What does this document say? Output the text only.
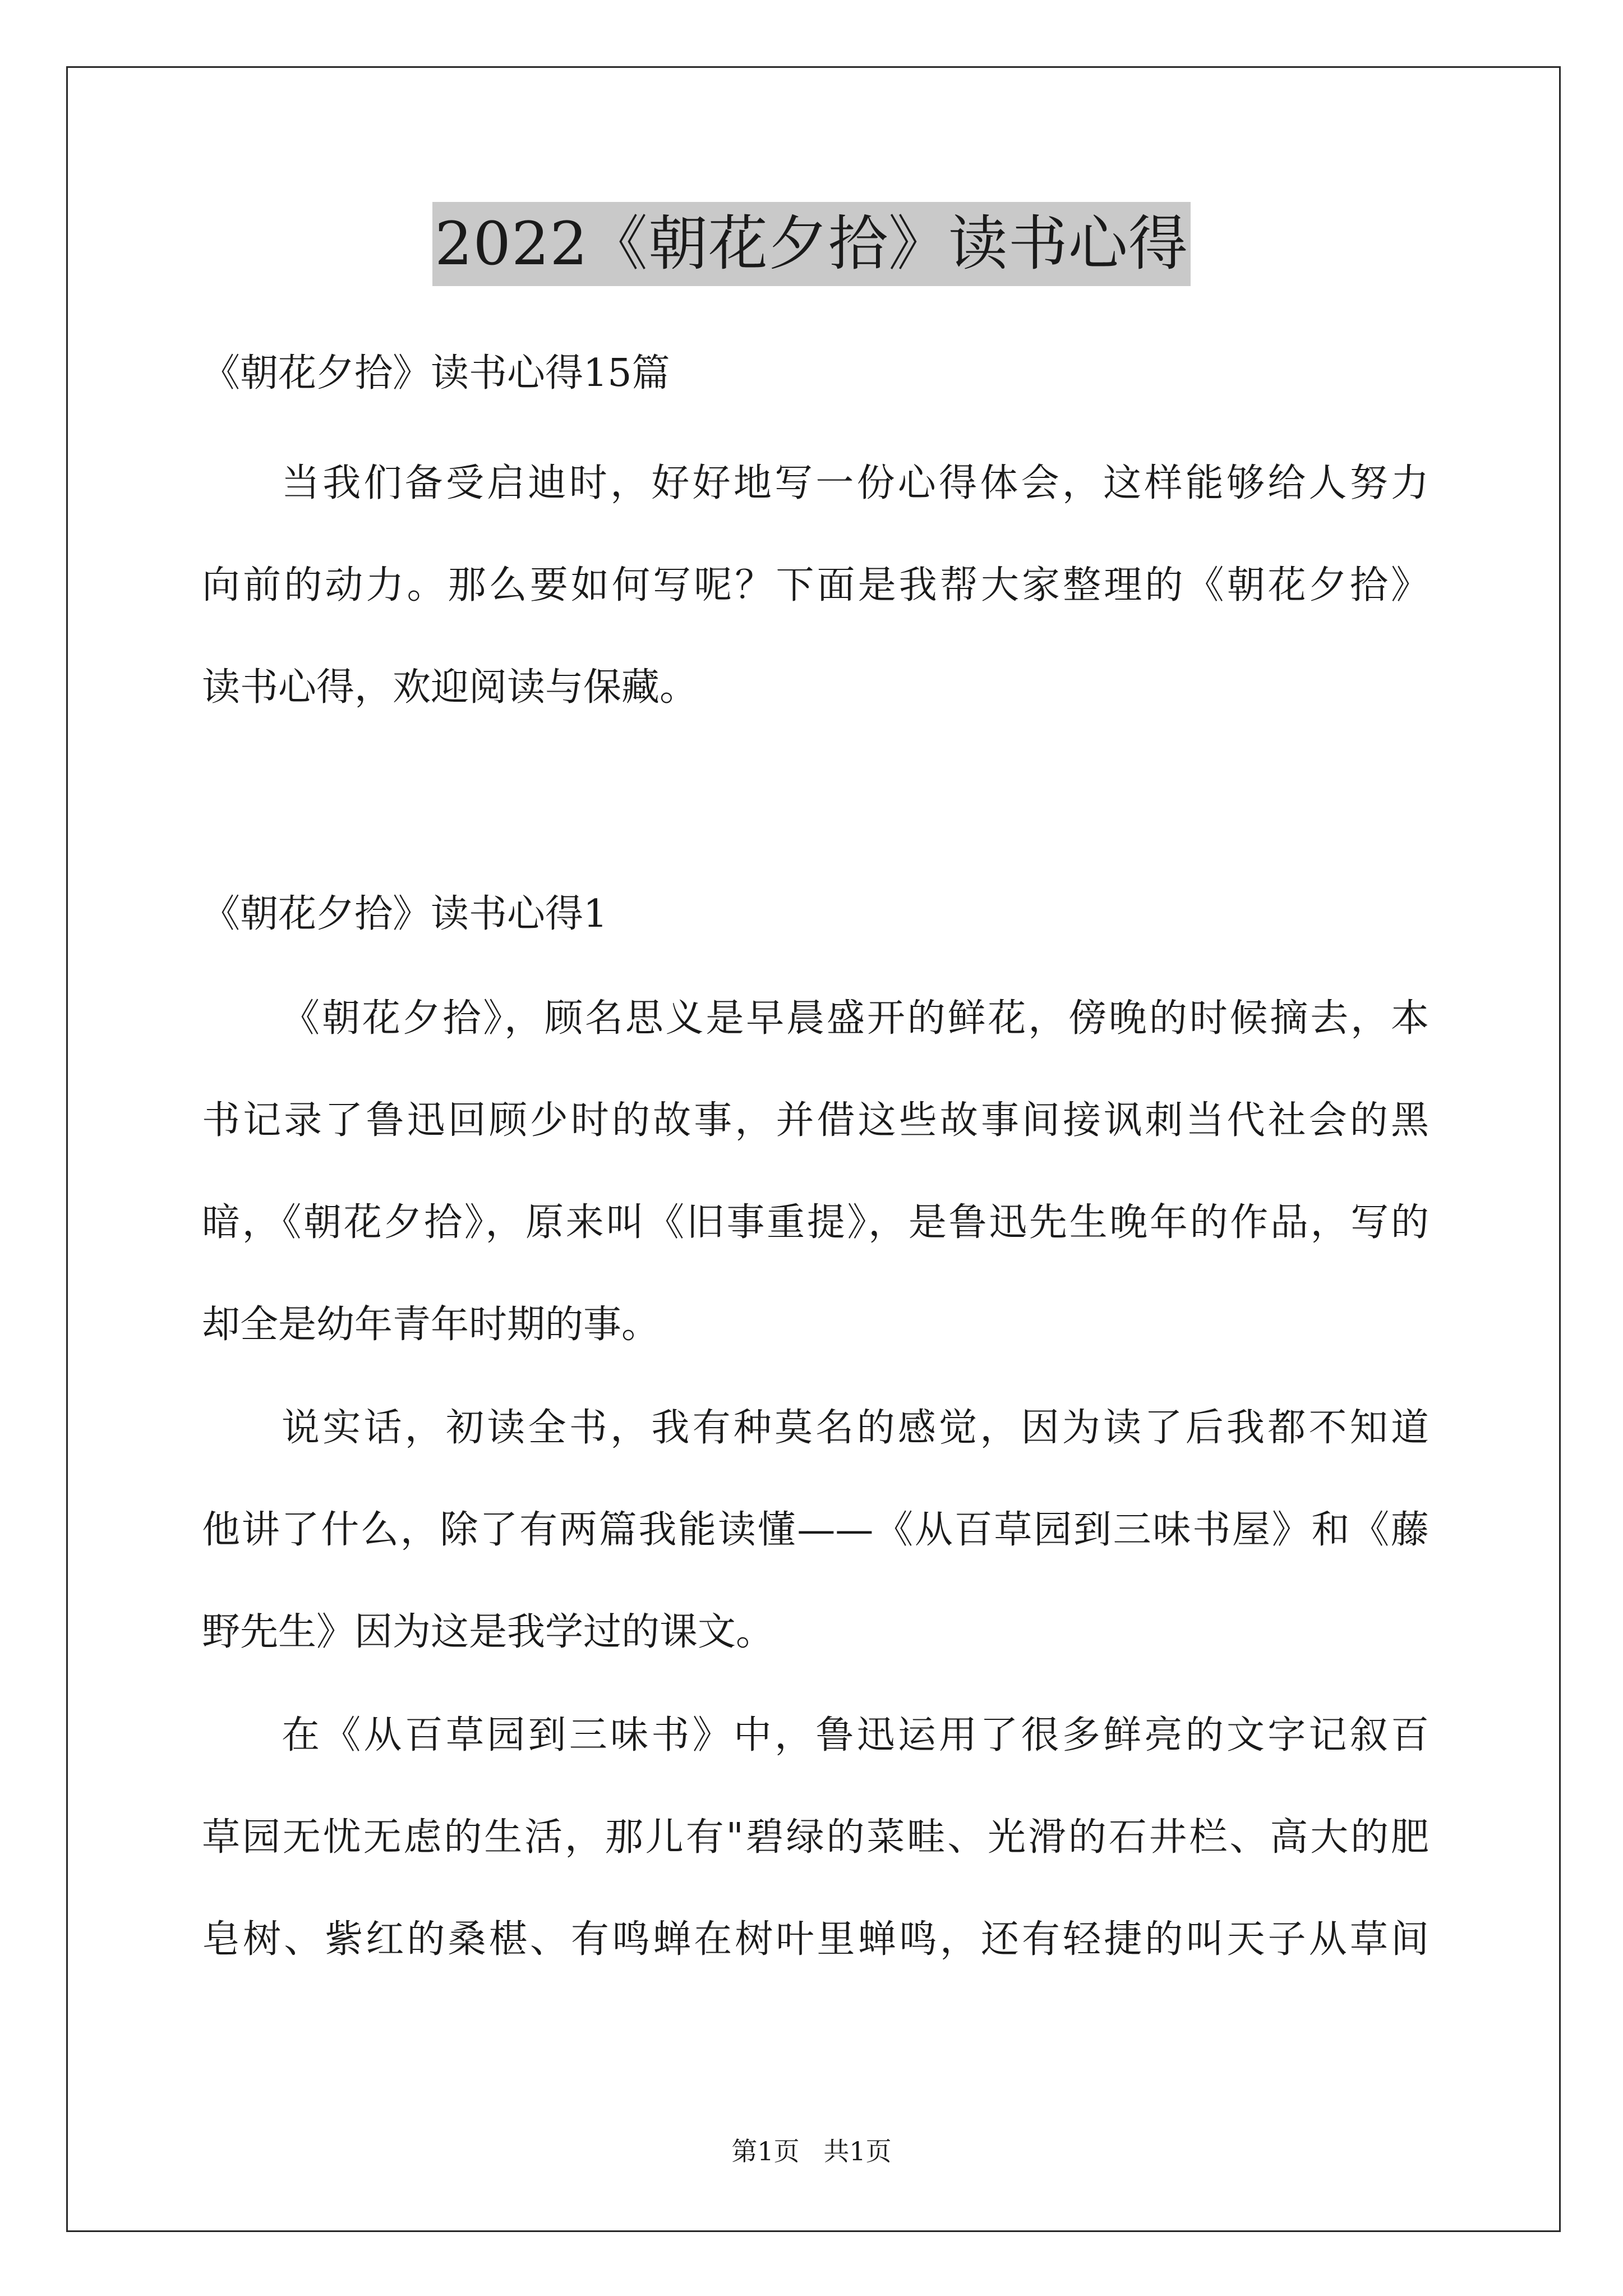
2022《朝花夕拾》读书心得
《朝花夕拾》读书心得15篇
当我们备受启迪时，好好地写一份心得体会，这样能够给人努力
向前的动力。那么要如何写呢？下面是我帮大家整理的《朝花夕拾》
读书心得，欢迎阅读与保藏。
《朝花夕拾》读书心得1
《朝花夕拾》，顾名思义是早晨盛开的鲜花，傍晚的时候摘去，本
书记录了鲁迅回顾少时的故事，并借这些故事间接讽刺当代社会的黑
暗，《朝花夕拾》，原来叫《旧事重提》，是鲁迅先生晚年的作品，写的
却全是幼年青年时期的事。
说实话，初读全书，我有种莫名的感觉，因为读了后我都不知道
他讲了什么，除了有两篇我能读懂——《从百草园到三味书屋》和《藤
野先生》因为这是我学过的课文。
在《从百草园到三味书》中，鲁迅运用了很多鲜亮的文字记叙百
草园无忧无虑的生活，那儿有"碧绿的菜畦、光滑的石井栏、高大的肥
皂树、紫红的桑椹、有鸣蝉在树叶里蝉鸣，还有轻捷的叫天子从草间
第1页 共1页
